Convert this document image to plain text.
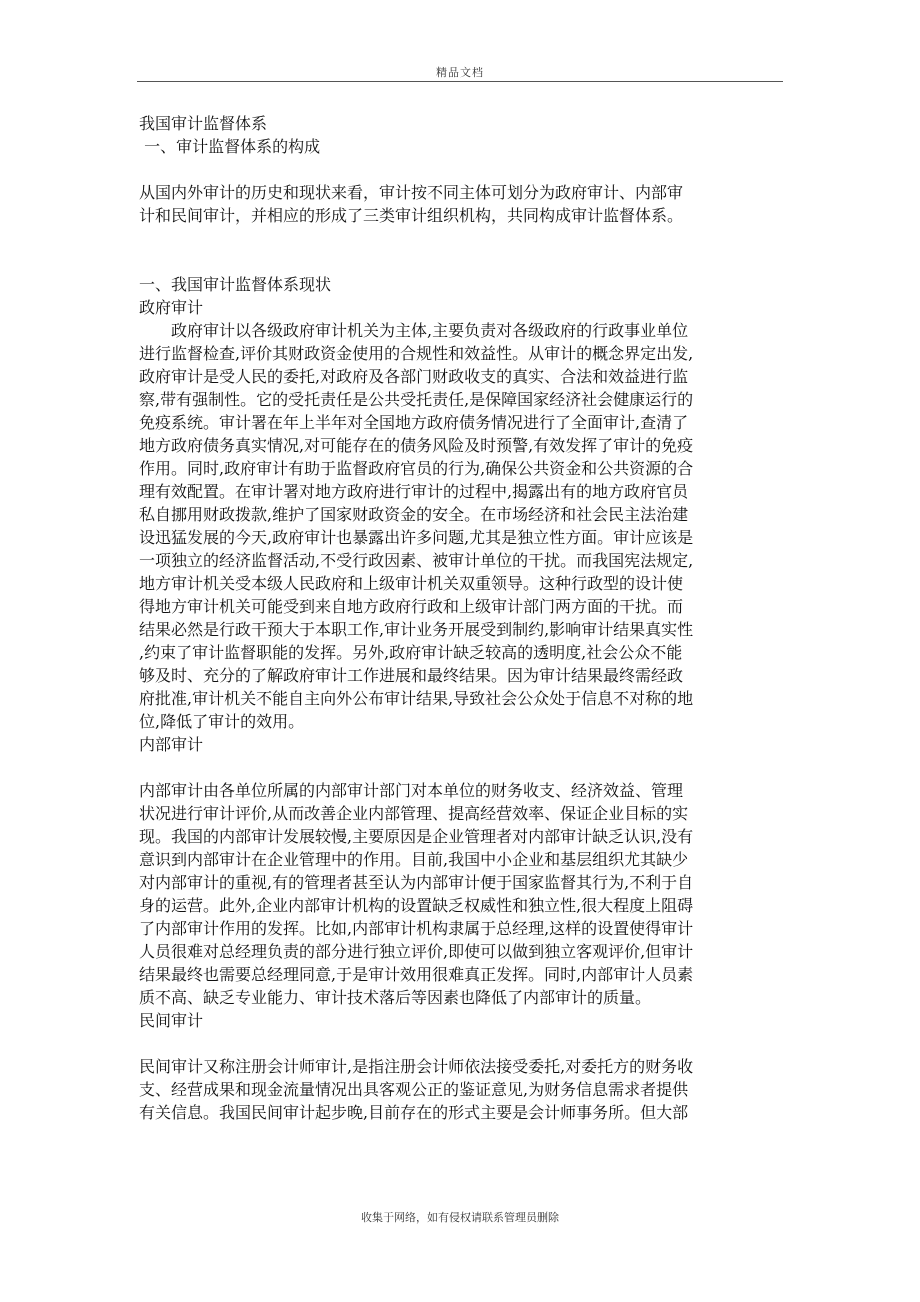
精品文档
我国审计监督体系
一、审计监督体系的构成
从国内外审计的历史和现状来看，审计按不同主体可划分为政府审计、内部审
计和民间审计，并相应的形成了三类审计组织机构，共同构成审计监督体系。
一、我国审计监督体系现状
政府审计
政府审计以各级政府审计机关为主体,主要负责对各级政府的行政事业单位
进行监督检查,评价其财政资金使用的合规性和效益性。从审计的概念界定出发,
政府审计是受人民的委托,对政府及各部门财政收支的真实、合法和效益进行监
察,带有强制性。它的受托责任是公共受托责任,是保障国家经济社会健康运行的
免疫系统。审计署在年上半年对全国地方政府债务情况进行了全面审计,查清了
地方政府债务真实情况,对可能存在的债务风险及时预警,有效发挥了审计的免疫
作用。同时,政府审计有助于监督政府官员的行为,确保公共资金和公共资源的合
理有效配置。在审计署对地方政府进行审计的过程中,揭露出有的地方政府官员
私自挪用财政拨款,维护了国家财政资金的安全。在市场经济和社会民主法治建
设迅猛发展的今天,政府审计也暴露出许多问题,尤其是独立性方面。审计应该是
一项独立的经济监督活动,不受行政因素、被审计单位的干扰。而我国宪法规定,
地方审计机关受本级人民政府和上级审计机关双重领导。这种行政型的设计使
得地方审计机关可能受到来自地方政府行政和上级审计部门两方面的干扰。而
结果必然是行政干预大于本职工作,审计业务开展受到制约,影响审计结果真实性
,约束了审计监督职能的发挥。另外,政府审计缺乏较高的透明度,社会公众不能
够及时、充分的了解政府审计工作进展和最终结果。因为审计结果最终需经政
府批准,审计机关不能自主向外公布审计结果,导致社会公众处于信息不对称的地
位,降低了审计的效用。
内部审计
内部审计由各单位所属的内部审计部门对本单位的财务收支、经济效益、管理
状况进行审计评价,从而改善企业内部管理、提高经营效率、保证企业目标的实
现。我国的内部审计发展较慢,主要原因是企业管理者对内部审计缺乏认识,没有
意识到内部审计在企业管理中的作用。目前,我国中小企业和基层组织尤其缺少
对内部审计的重视,有的管理者甚至认为内部审计便于国家监督其行为,不利于自
身的运营。此外,企业内部审计机构的设置缺乏权威性和独立性,很大程度上阻碍
了内部审计作用的发挥。比如,内部审计机构隶属于总经理,这样的设置使得审计
人员很难对总经理负责的部分进行独立评价,即使可以做到独立客观评价,但审计
结果最终也需要总经理同意,于是审计效用很难真正发挥。同时,内部审计人员素
质不高、缺乏专业能力、审计技术落后等因素也降低了内部审计的质量。
民间审计
民间审计又称注册会计师审计,是指注册会计师依法接受委托,对委托方的财务收
支、经营成果和现金流量情况出具客观公正的鉴证意见,为财务信息需求者提供
有关信息。我国民间审计起步晚,目前存在的形式主要是会计师事务所。但大部
收集于网络，如有侵权请联系管理员删除
